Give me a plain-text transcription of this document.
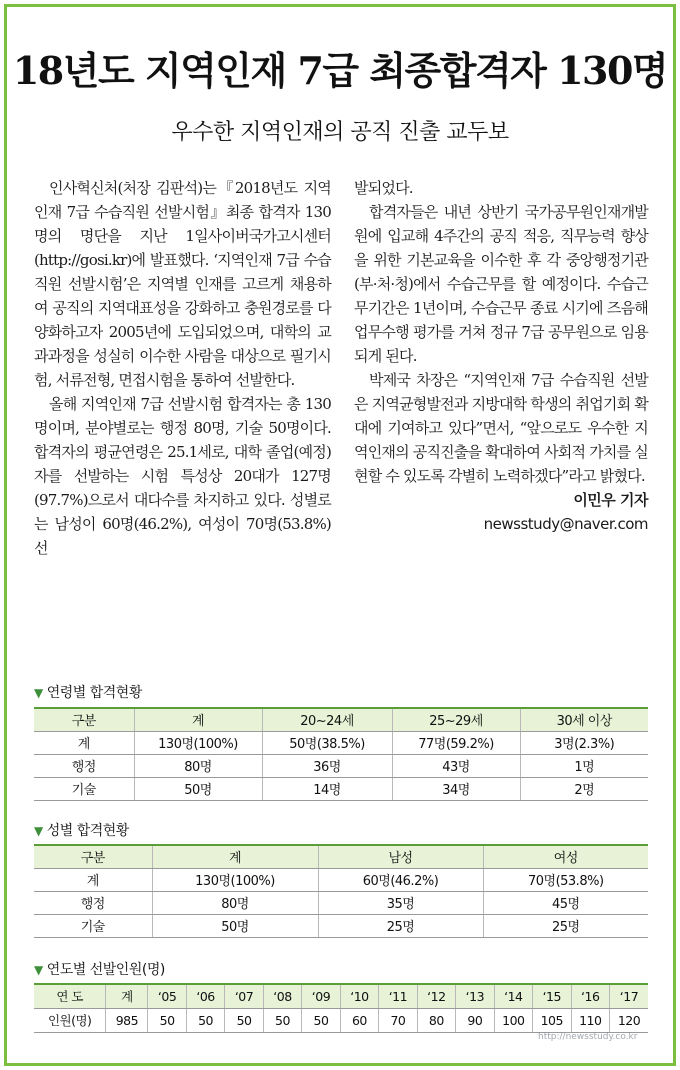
18년도 지역인재 7급 최종합격자 130명
우수한 지역인재의 공직 진출 교두보

인사혁신처(처장 김판석)는『2018년도 지역인재 7급 수습직원 선발시험』최종 합격자 130명의 명단을 지난 1일사이버국가고시센터(http://gosi.kr)에 발표했다. ‘지역인재 7급 수습직원 선발시험’은 지역별 인재를 고르게 채용하여 공직의 지역대표성을 강화하고 충원경로를 다양화하고자 2005년에 도입되었으며, 대학의 교과과정을 성실히 이수한 사람을 대상으로 필기시험, 서류전형, 면접시험을 통하여 선발한다.

올해 지역인재 7급 선발시험 합격자는 총 130명이며, 분야별로는 행정 80명, 기술 50명이다. 합격자의 평균연령은 25.1세로, 대학 졸업(예정)자를 선발하는 시험 특성상 20대가 127명(97.7%)으로서 대다수를 차지하고 있다. 성별로는 남성이 60명(46.2%), 여성이 70명(53.8%) 선

발되었다.

합격자들은 내년 상반기 국가공무원인재개발원에 입교해 4주간의 공직 적응, 직무능력 향상을 위한 기본교육을 이수한 후 각 중앙행정기관(부·처·청)에서 수습근무를 할 예정이다. 수습근무기간은 1년이며, 수습근무 종료 시기에 즈음해 업무수행 평가를 거쳐 정규 7급 공무원으로 임용되게 된다.

박제국 차장은 “지역인재 7급 수습직원 선발은 지역균형발전과 지방대학 학생의 취업기회 확대에 기여하고 있다”면서, “앞으로도 우수한 지역인재의 공직진출을 확대하여 사회적 가치를 실현할 수 있도록 각별히 노력하겠다”라고 밝혔다.

이민우 기자
newsstudy@naver.com
▼ 연령별 합격현황
구분	계	20~24세	25~29세	30세 이상
계	130명(100%)	50명(38.5%)	77명(59.2%)	3명(2.3%)
행정	80명	36명	43명	1명
기술	50명	14명	34명	2명
▼ 성별 합격현황
구분	계	남성	여성
계	130명(100%)	60명(46.2%)	70명(53.8%)
행정	80명	35명	45명
기술	50명	25명	25명
▼ 연도별 선발인원(명)
연 도	계	‘05	‘06	‘07	‘08	‘09	‘10	‘11	‘12	‘13	‘14	‘15	‘16	‘17
인원(명)	985	50	50	50	50	50	60	70	80	90	100	105	110	120
http://newsstudy.co.kr
